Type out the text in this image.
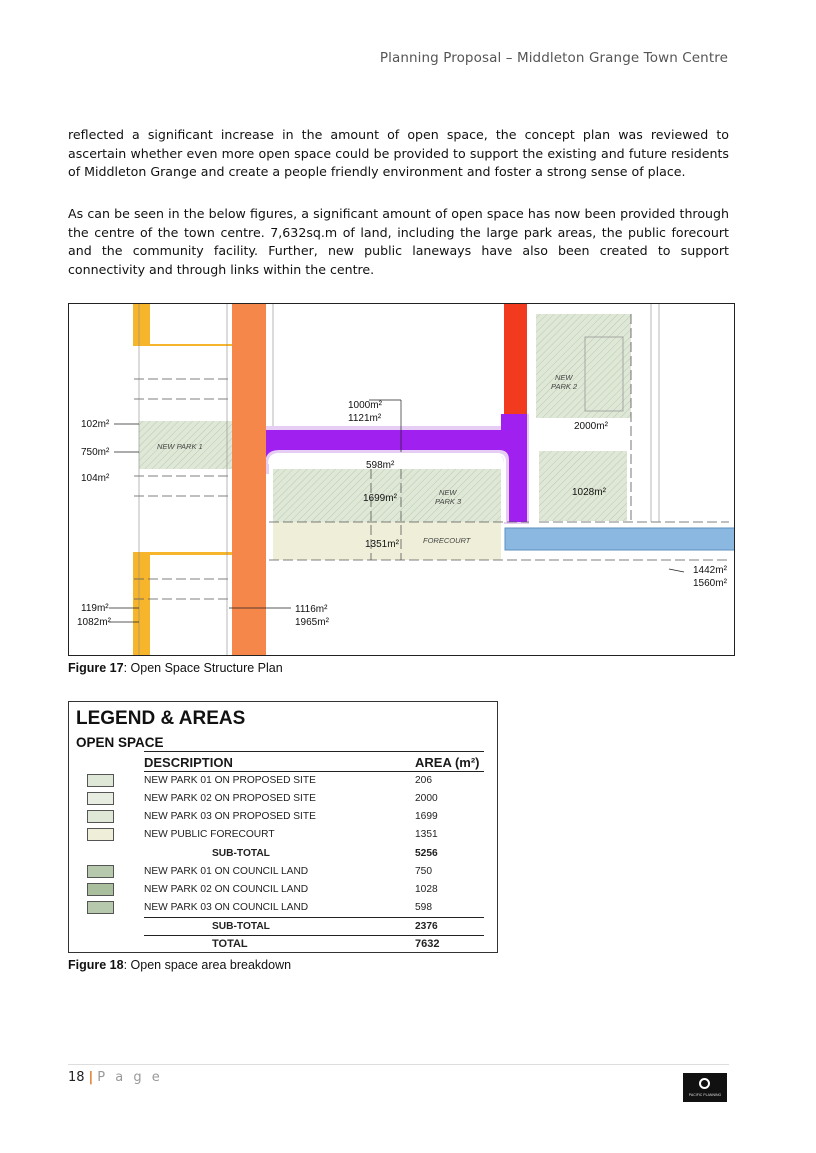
Planning Proposal – Middleton Grange Town Centre
reflected a significant increase in the amount of open space, the concept plan was reviewed to ascertain whether even more open space could be provided to support the existing and future residents of Middleton Grange and create a people friendly environment and foster a strong sense of place.
As can be seen in the below figures, a significant amount of open space has now been provided through the centre of the town centre. 7,632sq.m of land, including the large park areas, the public forecourt and the community facility. Further, new public laneways have also been created to support connectivity and through links within the centre.
102m²
750m²
104m²
119m²
1082m²
1000m²
1121m²
598m²
1699m²
1351m²
2000m²
1028m²
1442m²
1560m²
1116m²
1965m²
NEW PARK 1
NEW
PARK 2
NEW
PARK 3
FORECOURT
Figure 17: Open Space Structure Plan
LEGEND & AREAS
OPEN SPACE
DESCRIPTION	AREA (m²)
NEW PARK 01 ON PROPOSED SITE	206
NEW PARK 02 ON PROPOSED SITE	2000
NEW PARK 03 ON PROPOSED SITE	1699
NEW PUBLIC FORECOURT	1351
SUB-TOTAL	5256
NEW PARK 01 ON COUNCIL LAND	750
NEW PARK 02 ON COUNCIL LAND	1028
NEW PARK 03 ON COUNCIL LAND	598
SUB-TOTAL	2376
TOTAL	7632
Figure 18: Open space area breakdown
18 | P a g e
PACIFIC PLANNING
